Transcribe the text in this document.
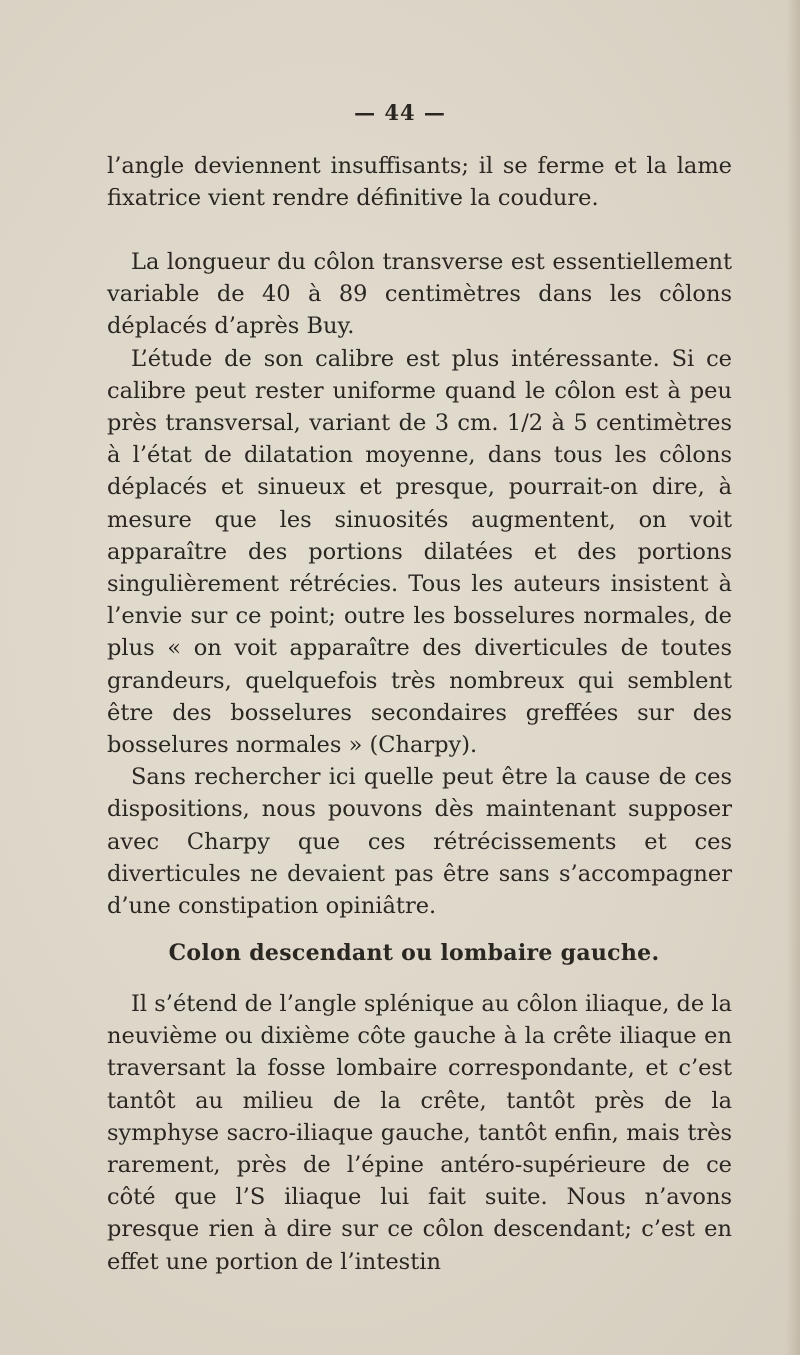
— 44 —

l’angle deviennent insuffisants; il se ferme et la lame fixatrice vient rendre définitive la coudure.

La longueur du côlon transverse est essentiellement variable de 40 à 89 centimètres dans les côlons déplacés d’après Buy.

L’étude de son calibre est plus intéressante. Si ce calibre peut rester uniforme quand le côlon est à peu près transversal, variant de 3 cm. 1/2 à 5 centimètres à l’état de dilatation moyenne, dans tous les côlons déplacés et sinueux et presque, pourrait-on dire, à mesure que les sinuosités augmentent, on voit apparaître des portions dilatées et des portions singulièrement rétrécies. Tous les auteurs insistent à l’envie sur ce point; outre les bosselures normales, de plus « on voit apparaître des diverticules de toutes grandeurs, quelquefois très nombreux qui semblent être des bosselures secondaires greffées sur des bosselures normales » (Charpy).

Sans rechercher ici quelle peut être la cause de ces dispositions, nous pouvons dès maintenant supposer avec Charpy que ces rétrécissements et ces diverticules ne devaient pas être sans s’accompagner d’une constipation opiniâtre.

Colon descendant ou lombaire gauche.

Il s’étend de l’angle splénique au côlon iliaque, de la neuvième ou dixième côte gauche à la crête iliaque en traversant la fosse lombaire correspondante, et c’est tantôt au milieu de la crête, tantôt près de la symphyse sacro-iliaque gauche, tantôt enfin, mais très rarement, près de l’épine antéro-supérieure de ce côté que l’S iliaque lui fait suite. Nous n’avons presque rien à dire sur ce côlon descendant; c’est en effet une portion de l’intestin
